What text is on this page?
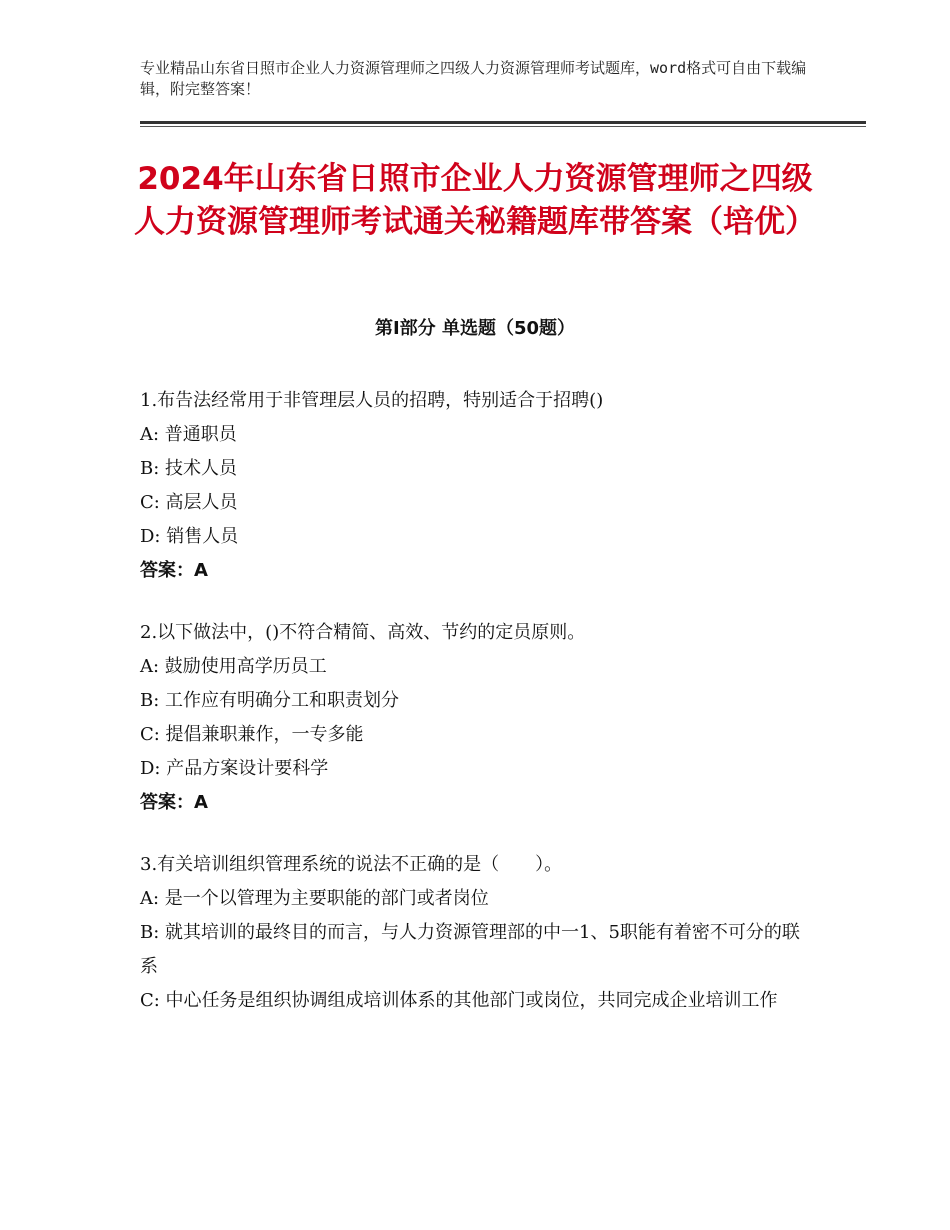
专业精品山东省日照市企业人力资源管理师之四级人力资源管理师考试题库，word格式可自由下载编辑，附完整答案！
2024年山东省日照市企业人力资源管理师之四级人力资源管理师考试通关秘籍题库带答案（培优）
第Ⅰ部分 单选题（50题）

1.布告法经常用于非管理层人员的招聘，特别适合于招聘()

A: 普通职员

B: 技术人员

C: 高层人员

D: 销售人员

答案：A

2.以下做法中，()不符合精简、高效、节约的定员原则。

A: 鼓励使用高学历员工

B: 工作应有明确分工和职责划分

C: 提倡兼职兼作，一专多能

D: 产品方案设计要科学

答案：A

3.有关培训组织管理系统的说法不正确的是（　　）。

A: 是一个以管理为主要职能的部门或者岗位

B: 就其培训的最终目的而言，与人力资源管理部的中一1、5职能有着密不可分的联系

C: 中心任务是组织协调组成培训体系的其他部门或岗位，共同完成企业培训工作
